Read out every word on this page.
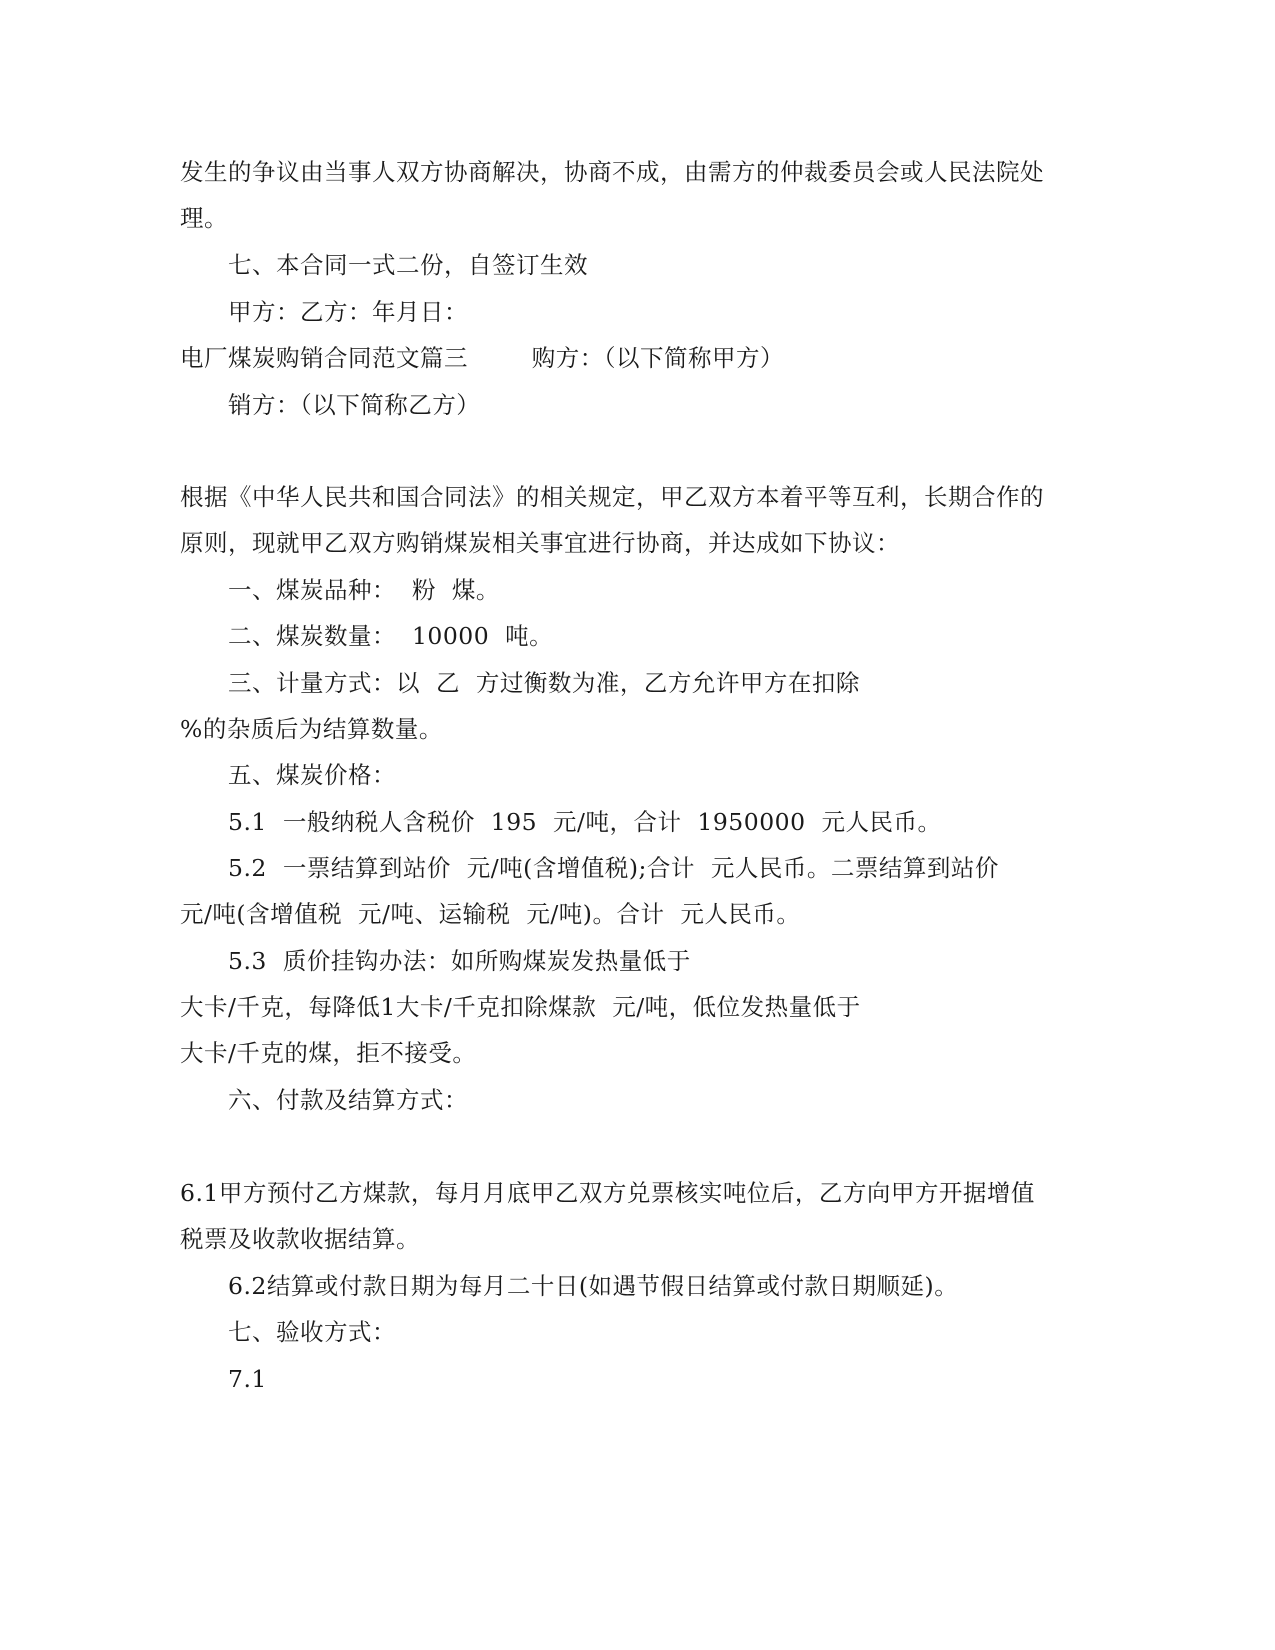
发生的争议由当事人双方协商解决，协商不成，由需方的仲裁委员会或人民法院处
理。
七、本合同一式二份，自签订生效
甲方：乙方：年月日：
电厂煤炭购销合同范文篇三        购方：（以下简称甲方）
销方：（以下简称乙方）
根据《中华人民共和国合同法》的相关规定，甲乙双方本着平等互利，长期合作的
原则，现就甲乙双方购销煤炭相关事宜进行协商，并达成如下协议：
一、煤炭品种：  粉  煤。
二、煤炭数量：  10000  吨。
三、计量方式：以  乙  方过衡数为准，乙方允许甲方在扣除
%的杂质后为结算数量。
五、煤炭价格：
5.1  一般纳税人含税价  195  元/吨，合计  1950000  元人民币。
5.2  一票结算到站价  元/吨(含增值税);合计  元人民币。二票结算到站价
元/吨(含增值税  元/吨、运输税  元/吨)。合计  元人民币。
5.3  质价挂钩办法：如所购煤炭发热量低于
大卡/千克，每降低1大卡/千克扣除煤款  元/吨，低位发热量低于
大卡/千克的煤，拒不接受。
六、付款及结算方式：
6.1甲方预付乙方煤款，每月月底甲乙双方兑票核实吨位后，乙方向甲方开据增值
税票及收款收据结算。
6.2结算或付款日期为每月二十日(如遇节假日结算或付款日期顺延)。
七、验收方式：
7.1
